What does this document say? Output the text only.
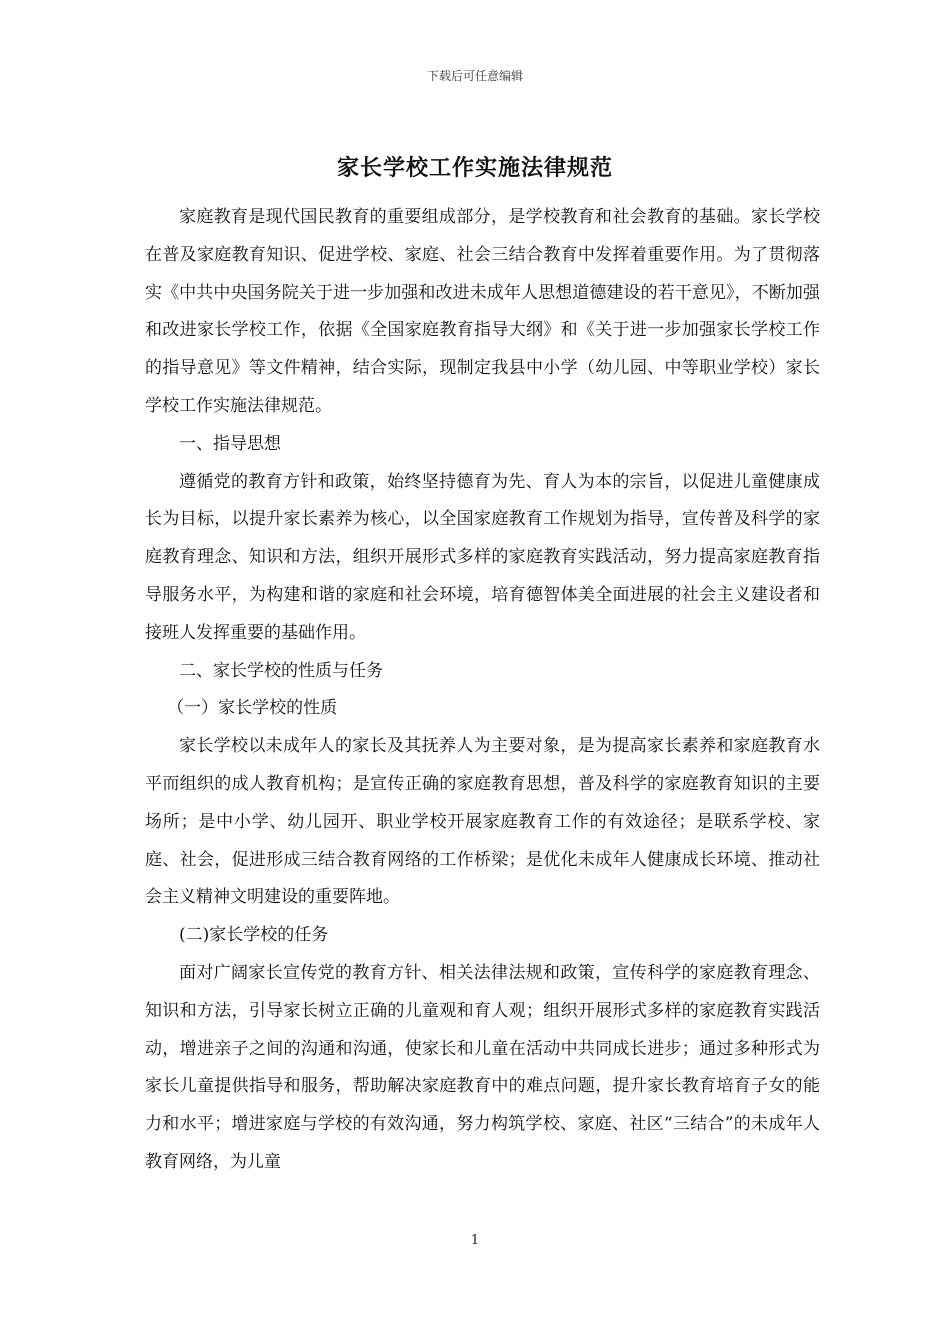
下载后可任意编辑
家长学校工作实施法律规范

家庭教育是现代国民教育的重要组成部分，是学校教育和社会教育的基础。家长学校在普及家庭教育知识、促进学校、家庭、社会三结合教育中发挥着重要作用。为了贯彻落实《中共中央国务院关于进一步加强和改进未成年人思想道德建设的若干意见》，不断加强和改进家长学校工作，依据《全国家庭教育指导大纲》和《关于进一步加强家长学校工作的指导意见》等文件精神，结合实际，现制定我县中小学（幼儿园、中等职业学校）家长学校工作实施法律规范。

一、指导思想

遵循党的教育方针和政策，始终坚持德育为先、育人为本的宗旨，以促进儿童健康成长为目标，以提升家长素养为核心，以全国家庭教育工作规划为指导，宣传普及科学的家庭教育理念、知识和方法，组织开展形式多样的家庭教育实践活动，努力提高家庭教育指导服务水平，为构建和谐的家庭和社会环境，培育德智体美全面进展的社会主义建设者和接班人发挥重要的基础作用。

二、家长学校的性质与任务

（一）家长学校的性质

家长学校以未成年人的家长及其抚养人为主要对象，是为提高家长素养和家庭教育水平而组织的成人教育机构；是宣传正确的家庭教育思想，普及科学的家庭教育知识的主要场所；是中小学、幼儿园开、职业学校开展家庭教育工作的有效途径；是联系学校、家庭、社会，促进形成三结合教育网络的工作桥梁；是优化未成年人健康成长环境、推动社会主义精神文明建设的重要阵地。

(二)家长学校的任务

面对广阔家长宣传党的教育方针、相关法律法规和政策，宣传科学的家庭教育理念、知识和方法，引导家长树立正确的儿童观和育人观；组织开展形式多样的家庭教育实践活动，增进亲子之间的沟通和沟通，使家长和儿童在活动中共同成长进步；通过多种形式为家长儿童提供指导和服务，帮助解决家庭教育中的难点问题，提升家长教育培育子女的能力和水平；增进家庭与学校的有效沟通，努力构筑学校、家庭、社区“三结合”的未成年人教育网络，为儿童

1
